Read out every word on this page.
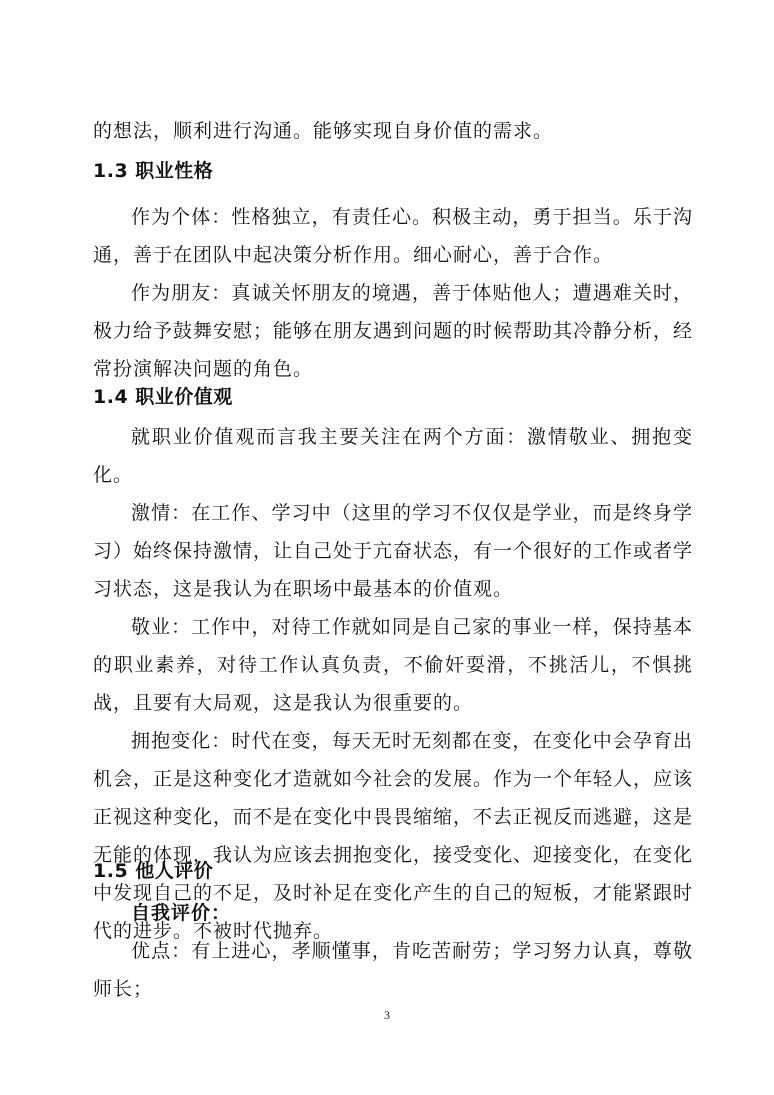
的想法，顺利进行沟通。能够实现自身价值的需求。

1.3 职业性格

作为个体：性格独立，有责任心。积极主动，勇于担当。乐于沟通，善于在团队中起决策分析作用。细心耐心，善于合作。

作为朋友：真诚关怀朋友的境遇，善于体贴他人；遭遇难关时，极力给予鼓舞安慰；能够在朋友遇到问题的时候帮助其冷静分析，经常扮演解决问题的角色。

1.4 职业价值观

就职业价值观而言我主要关注在两个方面：激情敬业、拥抱变化。

激情：在工作、学习中（这里的学习不仅仅是学业，而是终身学习）始终保持激情，让自己处于亢奋状态，有一个很好的工作或者学习状态，这是我认为在职场中最基本的价值观。

敬业：工作中，对待工作就如同是自己家的事业一样，保持基本的职业素养，对待工作认真负责，不偷奸耍滑，不挑活儿，不惧挑战，且要有大局观，这是我认为很重要的。

拥抱变化：时代在变，每天无时无刻都在变，在变化中会孕育出机会，正是这种变化才造就如今社会的发展。作为一个年轻人，应该正视这种变化，而不是在变化中畏畏缩缩，不去正视反而逃避，这是无能的体现，我认为应该去拥抱变化，接受变化、迎接变化，在变化中发现自己的不足，及时补足在变化产生的自己的短板，才能紧跟时代的进步。不被时代抛弃。

1.5 他人评价

自我评价：

优点：有上进心，孝顺懂事，肯吃苦耐劳；学习努力认真，尊敬师长；

3
